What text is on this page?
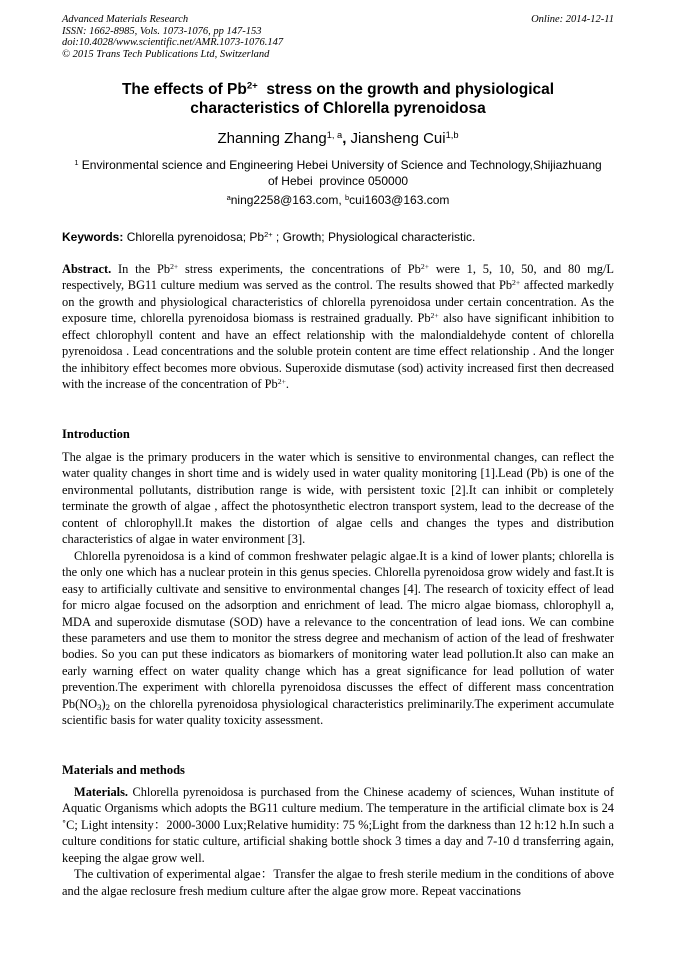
Advanced Materials Research
ISSN: 1662-8985, Vols. 1073-1076, pp 147-153
doi:10.4028/www.scientific.net/AMR.1073-1076.147
© 2015 Trans Tech Publications Ltd, Switzerland
Online: 2014-12-11
The effects of $Pb^{2+}$  stress on the growth and physiological
characteristics of Chlorella pyrenoidosa
Zhanning Zhang$^{1, a}$, Jiansheng Cui$^{1,b}$
$^1$ Environmental science and Engineering Hebei University of Science and Technology,Shijiazhuang
of Hebei  province 050000
$^a$ning2258@163.com, $^b$cui1603@163.com
Keywords: Chlorella pyrenoidosa; $Pb^{2+}$ ; Growth; Physiological characteristic.

Abstract. In the $Pb^{2+}$ stress experiments, the concentrations of $Pb^{2+}$ were 1, 5, 10, 50, and 80 mg/L respectively, BG11 culture medium was served as the control. The results showed that $Pb^{2+}$ affected markedly on the growth and physiological characteristics of chlorella pyrenoidosa under certain concentration. As the exposure time, chlorella pyrenoidosa biomass is restrained gradually. $Pb^{2+}$ also have significant inhibition to effect chlorophyll content and have an effect relationship with the malondialdehyde content of chlorella pyrenoidosa . Lead concentrations and the soluble protein content are time effect relationship . And the longer the inhibitory effect becomes more obvious. Superoxide dismutase (sod) activity increased first then decreased with the increase of the concentration of $Pb^{2+}$.

Introduction

The algae is the primary producers in the water which is sensitive to environmental changes, can reflect the water quality changes in short time and is widely used in water quality monitoring [1].Lead (Pb) is one of the environmental pollutants, distribution range is wide, with persistent toxic [2].It can inhibit or completely terminate the growth of algae , affect the photosynthetic electron transport system, lead to the decrease of the content of chlorophyll.It makes the distortion of algae cells and changes the types and distribution characteristics of algae in water environment [3].

Chlorella pyrenoidosa is a kind of common freshwater pelagic algae.It is a kind of lower plants; chlorella is the only one which has a nuclear protein in this genus species. Chlorella pyrenoidosa grow widely and fast.It is easy to artificially cultivate and sensitive to environmental changes [4]. The research of toxicity effect of lead for micro algae focused on the adsorption and enrichment of lead. The micro algae biomass, chlorophyll a, MDA and superoxide dismutase (SOD) have a relevance to the concentration of lead ions. We can combine these parameters and use them to monitor the stress degree and mechanism of action of the lead of freshwater bodies. So you can put these indicators as biomarkers of monitoring water lead pollution.It also can make an early warning effect on water quality change which has a great significance for lead pollution of water prevention.The experiment with chlorella pyrenoidosa discusses the effect of different mass concentration $Pb(NO_3)_2$ on the chlorella pyrenoidosa physiological characteristics preliminarily.The experiment accumulate scientific basis for water quality toxicity assessment.

Materials and methods

Materials. Chlorella pyrenoidosa is purchased from the Chinese academy of sciences, Wuhan institute of Aquatic Organisms which adopts the BG11 culture medium. The temperature in the artificial climate box is 24 ˚C; Light intensity：2000-3000 Lux;Relative humidity: 75 %;Light from the darkness than 12 h:12 h.In such a culture conditions for static culture, artificial shaking bottle shock 3 times a day and 7-10 d transferring again, keeping the algae grow well.

The cultivation of experimental algae：Transfer the algae to fresh sterile medium in the conditions of above and the algae reclosure fresh medium culture after the algae grow more. Repeat vaccinations
